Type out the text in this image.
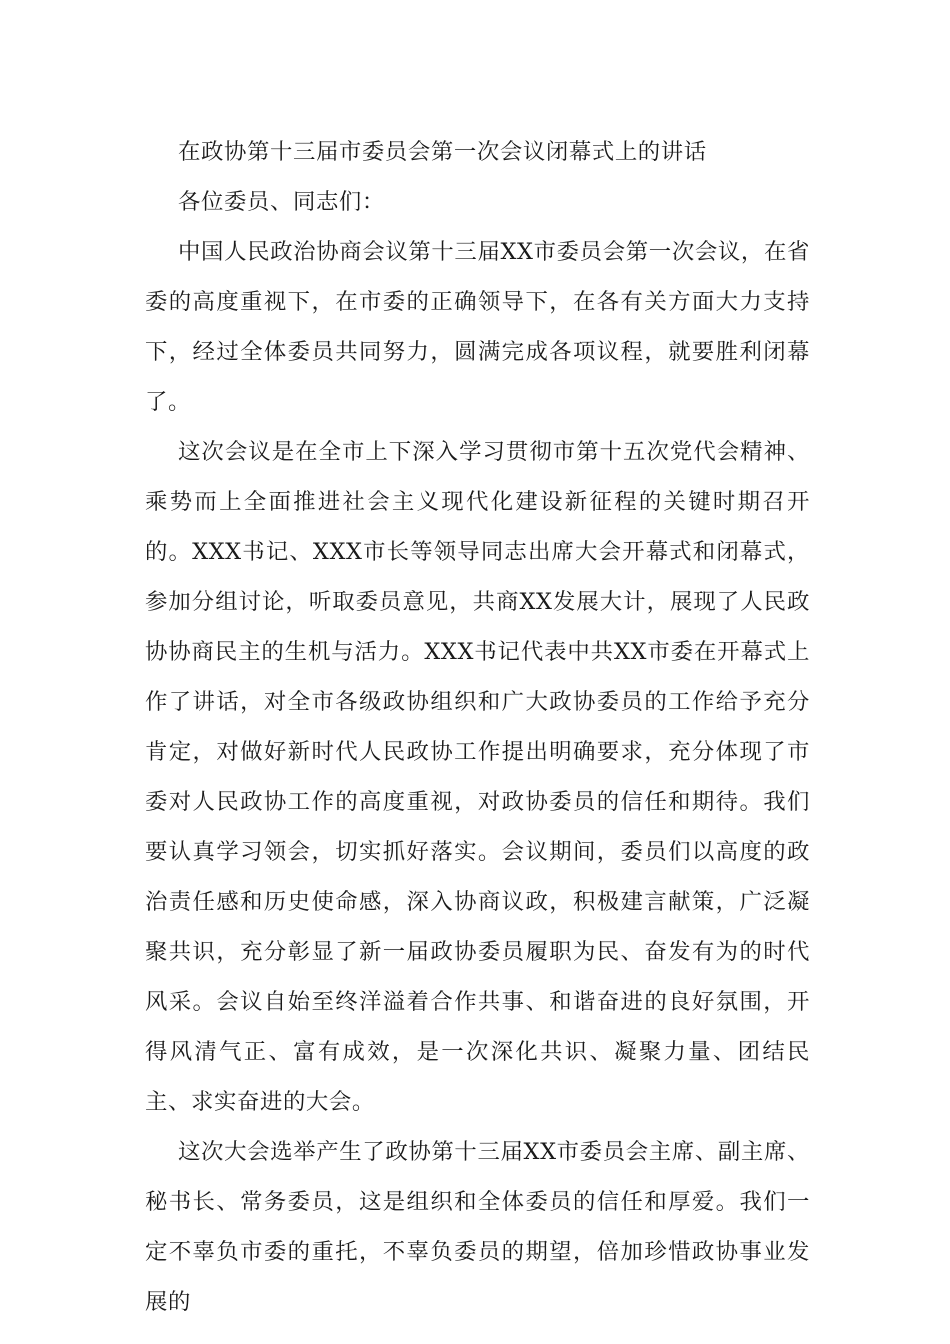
在政协第十三届市委员会第一次会议闭幕式上的讲话

各位委员、同志们：

中国人民政治协商会议第十三届XX市委员会第一次会议，在省委的高度重视下，在市委的正确领导下，在各有关方面大力支持下，经过全体委员共同努力，圆满完成各项议程，就要胜利闭幕了。

这次会议是在全市上下深入学习贯彻市第十五次党代会精神、乘势而上全面推进社会主义现代化建设新征程的关键时期召开的。XXX书记、XXX市长等领导同志出席大会开幕式和闭幕式，参加分组讨论，听取委员意见，共商XX发展大计，展现了人民政协协商民主的生机与活力。XXX书记代表中共XX市委在开幕式上作了讲话，对全市各级政协组织和广大政协委员的工作给予充分肯定，对做好新时代人民政协工作提出明确要求，充分体现了市委对人民政协工作的高度重视，对政协委员的信任和期待。我们要认真学习领会，切实抓好落实。会议期间，委员们以高度的政治责任感和历史使命感，深入协商议政，积极建言献策，广泛凝聚共识，充分彰显了新一届政协委员履职为民、奋发有为的时代风采。会议自始至终洋溢着合作共事、和谐奋进的良好氛围，开得风清气正、富有成效，是一次深化共识、凝聚力量、团结民主、求实奋进的大会。

这次大会选举产生了政协第十三届XX市委员会主席、副主席、秘书长、常务委员，这是组织和全体委员的信任和厚爱。我们一定不辜负市委的重托，不辜负委员的期望，倍加珍惜政协事业发展的
